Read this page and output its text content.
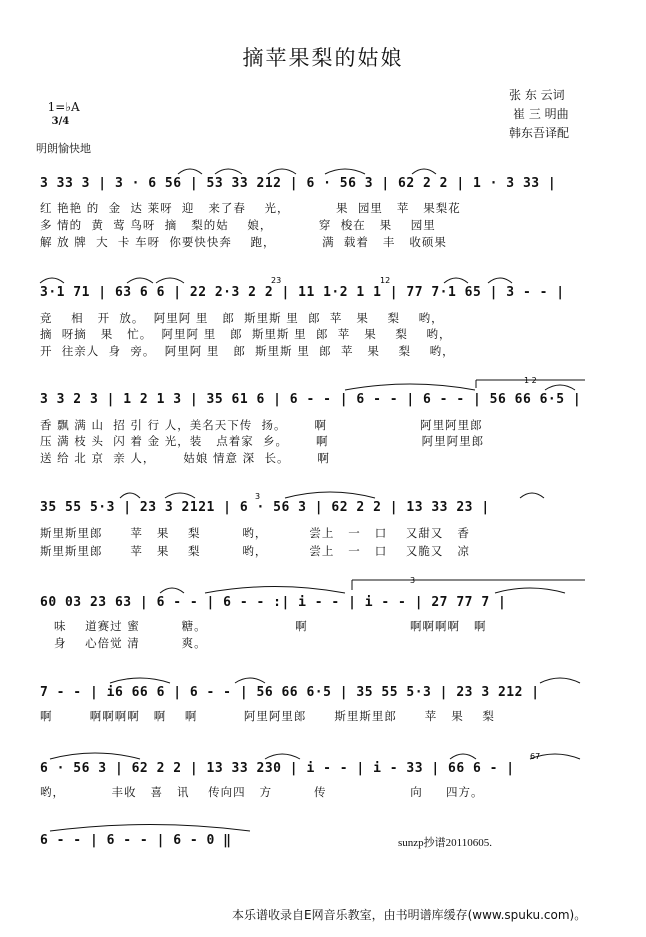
摘苹果梨的姑娘

1=♭A
3/4

张 东 云词
崔 三 明曲
韩东吾译配
明朗愉快地
3 33 3 | 3 · 6 56 | 53 33 212 | 6 · 56 3 | 62 2 2 | 1 · 3 33 |
红 艳艳 的  金  达 莱呀  迎   来了春    光，          果  园里   苹   果梨花
多 情的  黄  莺 鸟呀  摘   梨的姑    娘，          穿  梭在   果    园里
解 放 牌  大  卡 车呀  你要快快奔    跑，          满  载着   丰   收硕果
3·1 71 | 63 6 6 | 22 2·3 2 2 | 11 1·2 1 1 | 77 7·1 65 | 3 - - |
竞    相   开  放。  阿里阿 里   郎  斯里斯 里  郎  苹   果    梨    哟，
摘  呀摘   果   忙。  阿里阿 里   郎  斯里斯 里  郎  苹   果    梨    哟，
开  往亲人  身  旁。  阿里阿 里   郎  斯里斯 里  郎  苹   果    梨    哟，
3 3 2 3 | 1 2 1 3 | 35 61 6 | 6 - - | 6 - - | 6 - - | 56 66 6·5 |
香 飘 满 山  招 引 行 人，美名天下传  扬。      啊                    阿里阿里郎
压 满 枝 头  闪 着 金 光，装   点着家  乡。      啊                    阿里阿里郎
送 给 北 京  亲 人，      姑娘 情意 深  长。      啊
35 55 5·3 | 23 3 2121 | 6 · 56 3 | 62 2 2 | 13 33 23 |
斯里斯里郎      苹   果    梨         哟，         尝上   一   口    又甜又   香
斯里斯里郎      苹   果    梨         哟，         尝上   一   口    又脆又   凉
60 03 23 63 | 6 - - | 6 - - :| i - - | i - - | 27 77 7 |
味    道赛过 蜜         糖。                   啊                      啊啊啊啊   啊
身    心倍觉 清         爽。
7 - - | i6 66 6 | 6 - - | 56 66 6·5 | 35 55 5·3 | 23 3 212 |
啊        啊啊啊啊   啊    啊          阿里阿里郎      斯里斯里郎      苹   果    梨
6 · 56 3 | 62 2 2 | 13 33 230 | i - - | i - 33 | 66 6 - |
哟，          丰收   喜   讯    传向四   方         传                  向     四方。
6 - - | 6 - - | 6 - 0 ‖	sunzp抄谱20110605.
本乐谱收录自E网音乐教室，由书明谱库缓存(www.spuku.com)。
1 2
3
3
23	12
67
